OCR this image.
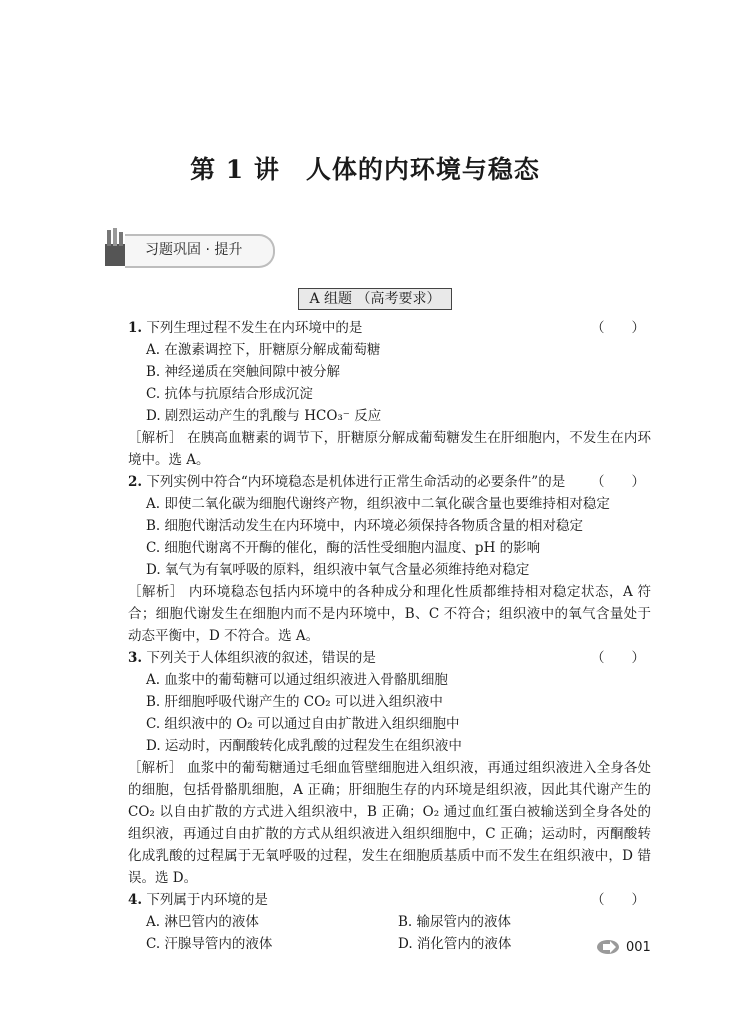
第 1 讲　人体的内环境与稳态
习题巩固 · 提升
A 组题 （高考要求）

1. 下列生理过程不发生在内环境中的是	（　　）

A. 在激素调控下，肝糖原分解成葡萄糖

B. 神经递质在突触间隙中被分解

C. 抗体与抗原结合形成沉淀

D. 剧烈运动产生的乳酸与 HCO₃⁻ 反应

［解析］ 在胰高血糖素的调节下，肝糖原分解成葡萄糖发生在肝细胞内，不发生在内环境中。选 A。

2. 下列实例中符合“内环境稳态是机体进行正常生命活动的必要条件”的是 （　　）

A. 即使二氧化碳为细胞代谢终产物，组织液中二氧化碳含量也要维持相对稳定

B. 细胞代谢活动发生在内环境中，内环境必须保持各物质含量的相对稳定

C. 细胞代谢离不开酶的催化，酶的活性受细胞内温度、pH 的影响

D. 氧气为有氧呼吸的原料，组织液中氧气含量必须维持绝对稳定

［解析］ 内环境稳态包括内环境中的各种成分和理化性质都维持相对稳定状态，A 符合；细胞代谢发生在细胞内而不是内环境中，B、C 不符合；组织液中的氧气含量处于动态平衡中，D 不符合。选 A。

3. 下列关于人体组织液的叙述，错误的是	（　　）

A. 血浆中的葡萄糖可以通过组织液进入骨骼肌细胞

B. 肝细胞呼吸代谢产生的 CO₂ 可以进入组织液中

C. 组织液中的 O₂ 可以通过自由扩散进入组织细胞中

D. 运动时，丙酮酸转化成乳酸的过程发生在组织液中

［解析］ 血浆中的葡萄糖通过毛细血管壁细胞进入组织液，再通过组织液进入全身各处的细胞，包括骨骼肌细胞，A 正确；肝细胞生存的内环境是组织液，因此其代谢产生的 CO₂ 以自由扩散的方式进入组织液中，B 正确；O₂ 通过血红蛋白被输送到全身各处的组织液，再通过自由扩散的方式从组织液进入组织细胞中，C 正确；运动时，丙酮酸转化成乳酸的过程属于无氧呼吸的过程，发生在细胞质基质中而不发生在组织液中，D 错误。选 D。

4. 下列属于内环境的是	（　　）

A. 淋巴管内的液体	B. 输尿管内的液体
C. 汗腺导管内的液体	D. 消化管内的液体	001
